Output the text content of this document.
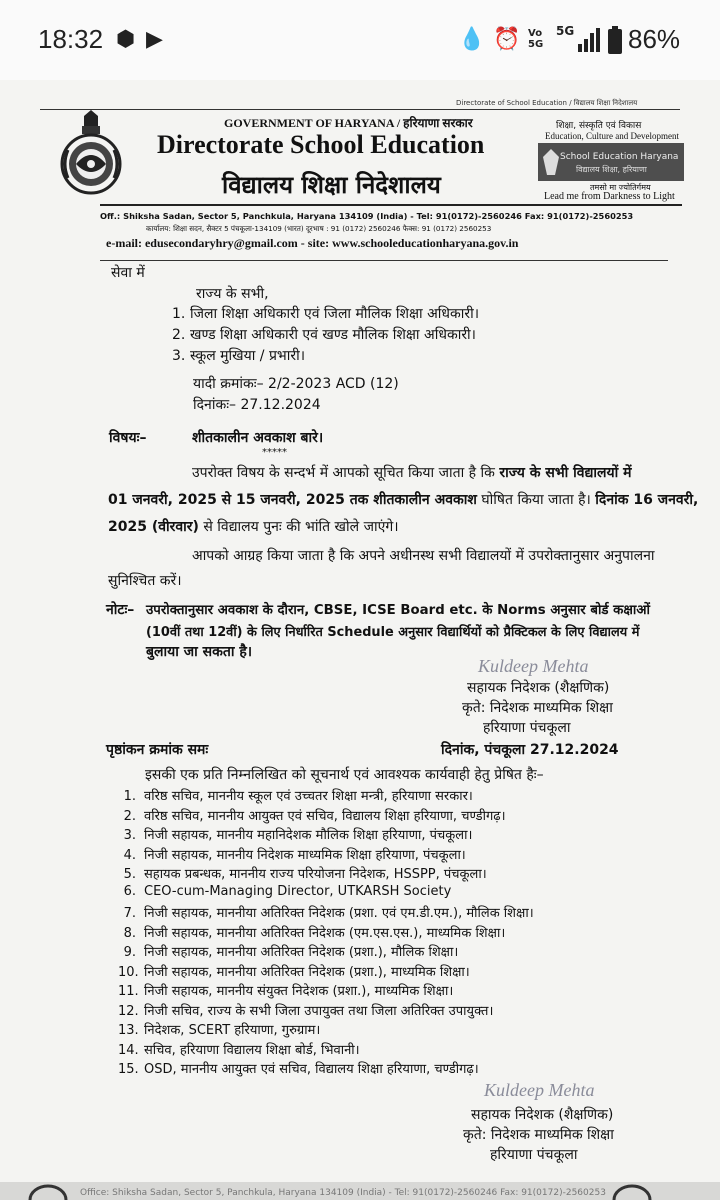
18:32 ⬢ ▶	💧 ⏰ Vo
5G
5G 86%
Directorate of School Education / विद्यालय शिक्षा निदेशालय
GOVERNMENT OF HARYANA / हरियाणा सरकार
Directorate School Education
विद्यालय शिक्षा निदेशालय
शिक्षा, संस्कृति एवं विकास
Education, Culture and Development
School Education Haryana
विद्यालय शिक्षा, हरियाणा
तमसो मा ज्योतिर्गमय
Lead me from Darkness to Light
Off.: Shiksha Sadan, Sector 5, Panchkula, Haryana 134109 (India) - Tel: 91(0172)-2560246 Fax: 91(0172)-2560253
कार्यालय: शिक्षा सदन, सैक्टर 5 पंचकूला-134109 (भारत) दूरभाष : 91 (0172) 2560246 फैक्स: 91 (0172) 2560253
e-mail: edusecondaryhry@gmail.com - site: www.schooleducationharyana.gov.in
सेवा में
राज्य के सभी,
1. जिला शिक्षा अधिकारी एवं जिला मौलिक शिक्षा अधिकारी।
2. खण्ड शिक्षा अधिकारी एवं खण्ड मौलिक शिक्षा अधिकारी।
3. स्कूल मुखिया / प्रभारी।
यादी क्रमांकः– 2/2-2023 ACD (12)
दिनांकः– 27.12.2024
विषयः–	शीतकालीन अवकाश बारे।
*****
उपरोक्त विषय के सन्दर्भ में आपको सूचित किया जाता है कि राज्य के सभी विद्यालयों में
01 जनवरी, 2025 से 15 जनवरी, 2025 तक शीतकालीन अवकाश घोषित किया जाता है। दिनांक 16 जनवरी,
2025 (वीरवार) से विद्यालय पुनः की भांति खोले जाएंगे।
आपको आग्रह किया जाता है कि अपने अधीनस्थ सभी विद्यालयों में उपरोक्तानुसार अनुपालना
सुनिश्चित करें।
नोटः– उपरोक्तानुसार अवकाश के दौरान, CBSE, ICSE Board etc. के Norms अनुसार बोर्ड कक्षाओं
(10वीं तथा 12वीं) के लिए निर्धारित Schedule अनुसार विद्यार्थियों को प्रैक्टिकल के लिए विद्यालय में
बुलाया जा सकता है।
Kuldeep Mehta
सहायक निदेशक (शैक्षणिक)
कृते: निदेशक माध्यमिक शिक्षा
हरियाणा पंचकूला
पृष्ठांकन क्रमांक समः	दिनांक, पंचकूला 27.12.2024
इसकी एक प्रति निम्नलिखित को सूचनार्थ एवं आवश्यक कार्यवाही हेतु प्रेषित हैः–
1. वरिष्ठ सचिव, माननीय स्कूल एवं उच्चतर शिक्षा मन्त्री, हरियाणा सरकार।
2. वरिष्ठ सचिव, माननीय आयुक्त एवं सचिव, विद्यालय शिक्षा हरियाणा, चण्डीगढ़।
3. निजी सहायक, माननीय महानिदेशक मौलिक शिक्षा हरियाणा, पंचकूला।
4. निजी सहायक, माननीय निदेशक माध्यमिक शिक्षा हरियाणा, पंचकूला।
5. सहायक प्रबन्धक, माननीय राज्य परियोजना निदेशक, HSSPP, पंचकूला।
6. CEO-cum-Managing Director, UTKARSH Society
7. निजी सहायक, माननीया अतिरिक्त निदेशक (प्रशा. एवं एम.डी.एम.), मौलिक शिक्षा।
8. निजी सहायक, माननीया अतिरिक्त निदेशक (एम.एस.एस.), माध्यमिक शिक्षा।
9. निजी सहायक, माननीया अतिरिक्त निदेशक (प्रशा.), मौलिक शिक्षा।
10. निजी सहायक, माननीया अतिरिक्त निदेशक (प्रशा.), माध्यमिक शिक्षा।
11. निजी सहायक, माननीय संयुक्त निदेशक (प्रशा.), माध्यमिक शिक्षा।
12. निजी सचिव, राज्य के सभी जिला उपायुक्त तथा जिला अतिरिक्त उपायुक्त।
13. निदेशक, SCERT हरियाणा, गुरुग्राम।
14. सचिव, हरियाणा विद्यालय शिक्षा बोर्ड, भिवानी।
15. OSD, माननीय आयुक्त एवं सचिव, विद्यालय शिक्षा हरियाणा, चण्डीगढ़।
Kuldeep Mehta
सहायक निदेशक (शैक्षणिक)
कृते: निदेशक माध्यमिक शिक्षा
हरियाणा पंचकूला
Office: Shiksha Sadan, Sector 5, Panchkula, Haryana 134109 (India) - Tel: 91(0172)-2560246 Fax: 91(0172)-2560253
